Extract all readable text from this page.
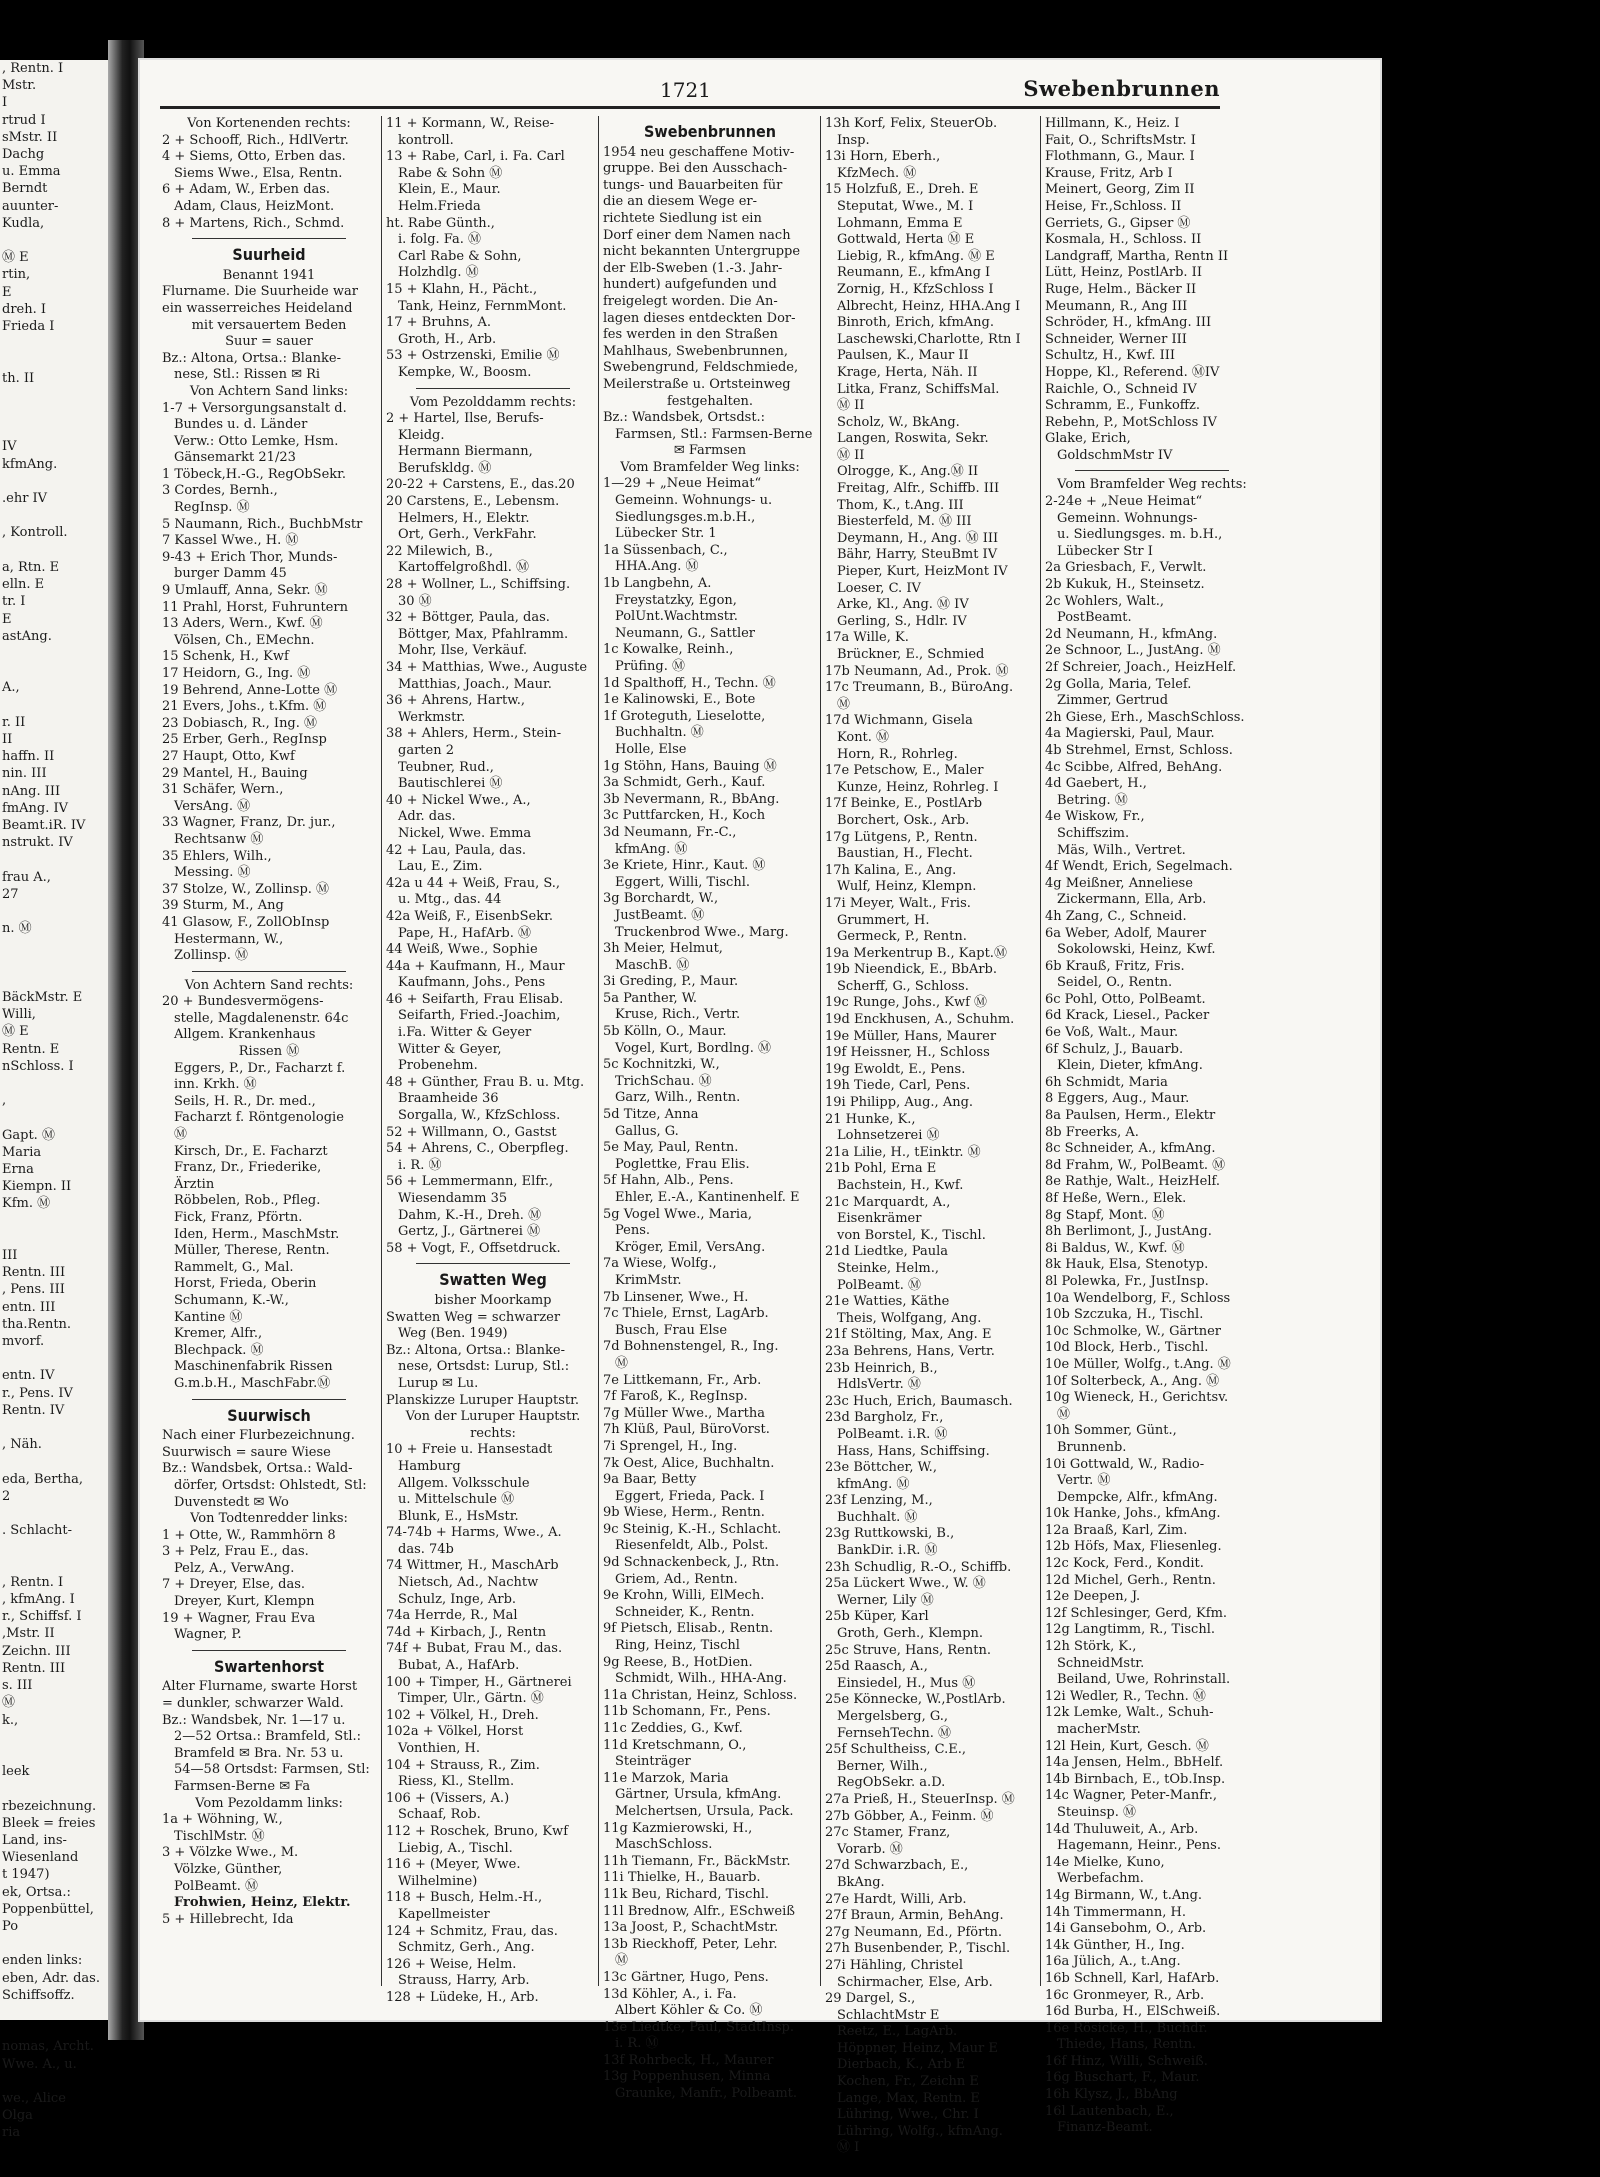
, Rentn. I
Mstr.
I
rtrud I
sMstr. II
Dachg
u. Emma
Berndt
auunter-
Kudla,

Ⓜ E
rtin,
E
dreh. I
Frieda I

th. II

IV
kfmAng.

.ehr IV

, Kontroll.

a, Rtn. E
elln. E
tr. I
E
astAng.

A.,

r. II
II
haffn. II
nin. III
nAng. III
fmAng. IV
Beamt.iR. IV
nstrukt. IV

frau A.,
27

n. Ⓜ

BäckMstr. E
Willi,
Ⓜ E
Rentn. E
nSchloss. I

,

Gapt. Ⓜ
Maria
Erna
Kiempn. II
Kfm. Ⓜ

III
Rentn. III
, Pens. III
entn. III
tha.Rentn.
mvorf.

entn. IV
r., Pens. IV
Rentn. IV

, Näh.

eda, Bertha,
2

. Schlacht-

, Rentn. I
, kfmAng. I
r., Schiffsf. I
,Mstr. II
Zeichn. III
Rentn. III
s. III
Ⓜ
k.,

leek

rbezeichnung.
Bleek = freies
Land, ins-
Wiesenland
t 1947)
ek, Ortsa.:
Poppenbüttel,
Po

enden links:
eben, Adr. das.
Schiffsoffz.

nomas, Archt.
Wwe. A., u.

we., Alice
Olga
ria
1721	Swebenbrunnen
Von Kortenenden rechts:
2 + Schooff, Rich., HdlVertr.
4 + Siems, Otto, Erben das.
Siems Wwe., Elsa, Rentn.
6 + Adam, W., Erben das.
Adam, Claus, HeizMont.
8 + Martens, Rich., Schmd.
Suurheid
Benannt 1941
Flurname. Die Suurheide war
ein wasserreiches Heideland
mit versauertem Beden
Suur = sauer
Bz.: Altona, Ortsa.: Blanke-
nese, Stl.: Rissen ✉ Ri
Von Achtern Sand links:
1-7 + Versorgungsanstalt d.
Bundes u. d. Länder
Verw.: Otto Lemke, Hsm.
Gänsemarkt 21/23
1 Töbeck,H.-G., RegObSekr.
3 Cordes, Bernh.,
RegInsp. Ⓜ
5 Naumann, Rich., BuchbMstr
7 Kassel Wwe., H. Ⓜ
9-43 + Erich Thor, Munds-
burger Damm 45
9 Umlauff, Anna, Sekr. Ⓜ
11 Prahl, Horst, Fuhruntern
13 Aders, Wern., Kwf. Ⓜ
Völsen, Ch., EMechn.
15 Schenk, H., Kwf
17 Heidorn, G., Ing. Ⓜ
19 Behrend, Anne-Lotte Ⓜ
21 Evers, Johs., t.Kfm. Ⓜ
23 Dobiasch, R., Ing. Ⓜ
25 Erber, Gerh., RegInsp
27 Haupt, Otto, Kwf
29 Mantel, H., Bauing
31 Schäfer, Wern.,
VersAng. Ⓜ
33 Wagner, Franz, Dr. jur.,
Rechtsanw Ⓜ
35 Ehlers, Wilh.,
Messing. Ⓜ
37 Stolze, W., Zollinsp. Ⓜ
39 Sturm, M., Ang
41 Glasow, F., ZollObInsp
Hestermann, W.,
Zollinsp. Ⓜ
Von Achtern Sand rechts:
20 + Bundesvermögens-
stelle, Magdalenenstr. 64c
Allgem. Krankenhaus
Rissen Ⓜ
Eggers, P., Dr., Facharzt f.
inn. Krkh. Ⓜ
Seils, H. R., Dr. med.,
Facharzt f. Röntgenologie
Ⓜ
Kirsch, Dr., E. Facharzt
Franz, Dr., Friederike,
Ärztin
Röbbelen, Rob., Pfleg.
Fick, Franz, Pförtn.
Iden, Herm., MaschMstr.
Müller, Therese, Rentn.
Rammelt, G., Mal.
Horst, Frieda, Oberin
Schumann, K.-W.,
Kantine Ⓜ
Kremer, Alfr.,
Blechpack. Ⓜ
Maschinenfabrik Rissen
G.m.b.H., MaschFabr.Ⓜ
Suurwisch
Nach einer Flurbezeichnung.
Suurwisch = saure Wiese
Bz.: Wandsbek, Ortsa.: Wald-
dörfer, Ortsdst: Ohlstedt, Stl:
Duvenstedt ✉ Wo
Von Todtenredder links:
1 + Otte, W., Rammhörn 8
3 + Pelz, Frau E., das.
Pelz, A., VerwAng.
7 + Dreyer, Else, das.
Dreyer, Kurt, Klempn
19 + Wagner, Frau Eva
Wagner, P.
Swartenhorst
Alter Flurname, swarte Horst
= dunkler, schwarzer Wald.
Bz.: Wandsbek, Nr. 1—17 u.
2—52 Ortsa.: Bramfeld, Stl.:
Bramfeld ✉ Bra. Nr. 53 u.
54—58 Ortsdst: Farmsen, Stl:
Farmsen-Berne ✉ Fa
Vom Pezoldamm links:
1a + Wöhning, W.,
TischlMstr. Ⓜ
3 + Völzke Wwe., M.
Völzke, Günther,
PolBeamt. Ⓜ
Frohwien, Heinz, Elektr.
5 + Hillebrecht, Ida
11 + Kormann, W., Reise-
kontroll.
13 + Rabe, Carl, i. Fa. Carl
Rabe & Sohn Ⓜ
Klein, E., Maur.
Helm.Frieda
ht. Rabe Günth.,
i. folg. Fa. Ⓜ
Carl Rabe & Sohn,
Holzhdlg. Ⓜ
15 + Klahn, H., Pächt.,
Tank, Heinz, FernmMont.
17 + Bruhns, A.
Groth, H., Arb.
53 + Ostrzenski, Emilie Ⓜ
Kempke, W., Boosm.
Vom Pezolddamm rechts:
2 + Hartel, Ilse, Berufs-
Kleidg.
Hermann Biermann,
Berufskldg. Ⓜ
20-22 + Carstens, E., das.20
20 Carstens, E., Lebensm.
Helmers, H., Elektr.
Ort, Gerh., VerkFahr.
22 Milewich, B.,
Kartoffelgroßhdl. Ⓜ
28 + Wollner, L., Schiffsing.
30 Ⓜ
32 + Böttger, Paula, das.
Böttger, Max, Pfahlramm.
Mohr, Ilse, Verkäuf.
34 + Matthias, Wwe., Auguste
Matthias, Joach., Maur.
36 + Ahrens, Hartw.,
Werkmstr.
38 + Ahlers, Herm., Stein-
garten 2
Teubner, Rud.,
Bautischlerei Ⓜ
40 + Nickel Wwe., A.,
Adr. das.
Nickel, Wwe. Emma
42 + Lau, Paula, das.
Lau, E., Zim.
42a u 44 + Weiß, Frau, S.,
u. Mtg., das. 44
42a Weiß, F., EisenbSekr.
Pape, H., HafArb. Ⓜ
44 Weiß, Wwe., Sophie
44a + Kaufmann, H., Maur
Kaufmann, Johs., Pens
46 + Seifarth, Frau Elisab.
Seifarth, Fried.-Joachim,
i.Fa. Witter & Geyer
Witter & Geyer,
Probenehm.
48 + Günther, Frau B. u. Mtg.
Braamheide 36
Sorgalla, W., KfzSchloss.
52 + Willmann, O., Gastst
54 + Ahrens, C., Oberpfleg.
i. R. Ⓜ
56 + Lemmermann, Elfr.,
Wiesendamm 35
Dahm, K.-H., Dreh. Ⓜ
Gertz, J., Gärtnerei Ⓜ
58 + Vogt, F., Offsetdruck.
Swatten Weg
bisher Moorkamp
Swatten Weg = schwarzer
Weg (Ben. 1949)
Bz.: Altona, Ortsa.: Blanke-
nese, Ortsdst: Lurup, Stl.:
Lurup ✉ Lu.
Planskizze Luruper Hauptstr.
Von der Luruper Hauptstr.
rechts:
10 + Freie u. Hansestadt
Hamburg
Allgem. Volksschule
u. Mittelschule Ⓜ
Blunk, E., HsMstr.
74-74b + Harms, Wwe., A.
das. 74b
74 Wittmer, H., MaschArb
Nietsch, Ad., Nachtw
Schulz, Inge, Arb.
74a Herrde, R., Mal
74d + Kirbach, J., Rentn
74f + Bubat, Frau M., das.
Bubat, A., HafArb.
100 + Timper, H., Gärtnerei
Timper, Ulr., Gärtn. Ⓜ
102 + Völkel, H., Dreh.
102a + Völkel, Horst
Vonthien, H.
104 + Strauss, R., Zim.
Riess, Kl., Stellm.
106 + (Vissers, A.)
Schaaf, Rob.
112 + Roschek, Bruno, Kwf
Liebig, A., Tischl.
116 + (Meyer, Wwe.
Wilhelmine)
118 + Busch, Helm.-H.,
Kapellmeister
124 + Schmitz, Frau, das.
Schmitz, Gerh., Ang.
126 + Weise, Helm.
Strauss, Harry, Arb.
128 + Lüdeke, H., Arb.
Swebenbrunnen
1954 neu geschaffene Motiv-
gruppe. Bei den Ausschach-
tungs- und Bauarbeiten für
die an diesem Wege er-
richtete Siedlung ist ein
Dorf einer dem Namen nach
nicht bekannten Untergruppe
der Elb-Sweben (1.-3. Jahr-
hundert) aufgefunden und
freigelegt worden. Die An-
lagen dieses entdeckten Dor-
fes werden in den Straßen
Mahlhaus, Swebenbrunnen,
Swebengrund, Feldschmiede,
Meilerstraße u. Ortsteinweg
festgehalten.
Bz.: Wandsbek, Ortsdst.:
Farmsen, Stl.: Farmsen-Berne
✉ Farmsen
Vom Bramfelder Weg links:
1—29 + „Neue Heimat“
Gemeinn. Wohnungs- u.
Siedlungsges.m.b.H.,
Lübecker Str. 1
1a Süssenbach, C.,
HHA.Ang. Ⓜ
1b Langbehn, A.
Freystatzky, Egon,
PolUnt.Wachtmstr.
Neumann, G., Sattler
1c Kowalke, Reinh.,
Prüfing. Ⓜ
1d Spalthoff, H., Techn. Ⓜ
1e Kalinowski, E., Bote
1f Groteguth, Lieselotte,
Buchhaltn. Ⓜ
Holle, Else
1g Stöhn, Hans, Bauing Ⓜ
3a Schmidt, Gerh., Kauf.
3b Nevermann, R., BbAng.
3c Puttfarcken, H., Koch
3d Neumann, Fr.-C.,
kfmAng. Ⓜ
3e Kriete, Hinr., Kaut. Ⓜ
Eggert, Willi, Tischl.
3g Borchardt, W.,
JustBeamt. Ⓜ
Truckenbrod Wwe., Marg.
3h Meier, Helmut,
MaschB. Ⓜ
3i Greding, P., Maur.
5a Panther, W.
Kruse, Rich., Vertr.
5b Kölln, O., Maur.
Vogel, Kurt, Bordlng. Ⓜ
5c Kochnitzki, W.,
TrichSchau. Ⓜ
Garz, Wilh., Rentn.
5d Titze, Anna
Gallus, G.
5e May, Paul, Rentn.
Poglettke, Frau Elis.
5f Hahn, Alb., Pens.
Ehler, E.-A., Kantinenhelf. E
5g Vogel Wwe., Maria,
Pens.
Kröger, Emil, VersAng.
7a Wiese, Wolfg.,
KrimMstr.
7b Linsener, Wwe., H.
7c Thiele, Ernst, LagArb.
Busch, Frau Else
7d Bohnenstengel, R., Ing.
Ⓜ
7e Littkemann, Fr., Arb.
7f Faroß, K., RegInsp.
7g Müller Wwe., Martha
7h Klüß, Paul, BüroVorst.
7i Sprengel, H., Ing.
7k Oest, Alice, Buchhaltn.
9a Baar, Betty
Eggert, Frieda, Pack. I
9b Wiese, Herm., Rentn.
9c Steinig, K.-H., Schlacht.
Riesenfeldt, Alb., Polst.
9d Schnackenbeck, J., Rtn.
Griem, Ad., Rentn.
9e Krohn, Willi, ElMech.
Schneider, K., Rentn.
9f Pietsch, Elisab., Rentn.
Ring, Heinz, Tischl
9g Reese, B., HotDien.
Schmidt, Wilh., HHA-Ang.
11a Christan, Heinz, Schloss.
11b Schomann, Fr., Pens.
11c Zeddies, G., Kwf.
11d Kretschmann, O.,
Steinträger
11e Marzok, Maria
Gärtner, Ursula, kfmAng.
Melchertsen, Ursula, Pack.
11g Kazmierowski, H.,
MaschSchloss.
11h Tiemann, Fr., BäckMstr.
11i Thielke, H., Bauarb.
11k Beu, Richard, Tischl.
11l Brednow, Alfr., ESchweiß
13a Joost, P., SchachtMstr.
13b Rieckhoff, Peter, Lehr.
Ⓜ
13c Gärtner, Hugo, Pens.
13d Köhler, A., i. Fa.
Albert Köhler & Co. Ⓜ
13e Liedtke, Paul, StadtInsp.
i. R. Ⓜ
13f Rohrbeck, H., Maurer
13g Poppenhusen, Minna
Graunke, Manfr., Polbeamt.
13h Korf, Felix, SteuerOb.
Insp.
13i Horn, Eberh.,
KfzMech. Ⓜ
15 Holzfuß, E., Dreh. E
Steputat, Wwe., M. I
Lohmann, Emma E
Gottwald, Herta Ⓜ E
Liebig, R., kfmAng. Ⓜ E
Reumann, E., kfmAng I
Zornig, H., KfzSchloss I
Albrecht, Heinz, HHA.Ang I
Binroth, Erich, kfmAng.
Laschewski,Charlotte, Rtn I
Paulsen, K., Maur II
Krage, Herta, Näh. II
Litka, Franz, SchiffsMal.
Ⓜ II
Scholz, W., BkAng.
Langen, Roswita, Sekr.
Ⓜ II
Olrogge, K., Ang.Ⓜ II
Freitag, Alfr., Schiffb. III
Thom, K., t.Ang. III
Biesterfeld, M. Ⓜ III
Deymann, H., Ang. Ⓜ III
Bähr, Harry, SteuBmt IV
Pieper, Kurt, HeizMont IV
Loeser, C. IV
Arke, Kl., Ang. Ⓜ IV
Gerling, S., Hdlr. IV
17a Wille, K.
Brückner, E., Schmied
17b Neumann, Ad., Prok. Ⓜ
17c Treumann, B., BüroAng.
Ⓜ
17d Wichmann, Gisela
Kont. Ⓜ
Horn, R., Rohrleg.
17e Petschow, E., Maler
Kunze, Heinz, Rohrleg. I
17f Beinke, E., PostlArb
Borchert, Osk., Arb.
17g Lütgens, P., Rentn.
Baustian, H., Flecht.
17h Kalina, E., Ang.
Wulf, Heinz, Klempn.
17i Meyer, Walt., Fris.
Grummert, H.
Germeck, P., Rentn.
19a Merkentrup B., Kapt.Ⓜ
19b Nieendick, E., BbArb.
Scherff, G., Schloss.
19c Runge, Johs., Kwf Ⓜ
19d Enckhusen, A., Schuhm.
19e Müller, Hans, Maurer
19f Heissner, H., Schloss
19g Ewoldt, E., Pens.
19h Tiede, Carl, Pens.
19i Philipp, Aug., Ang.
21 Hunke, K.,
Lohnsetzerei Ⓜ
21a Lilie, H., tEinktr. Ⓜ
21b Pohl, Erna E
Bachstein, H., Kwf.
21c Marquardt, A.,
Eisenkrämer
von Borstel, K., Tischl.
21d Liedtke, Paula
Steinke, Helm.,
PolBeamt. Ⓜ
21e Watties, Käthe
Theis, Wolfgang, Ang.
21f Stölting, Max, Ang. E
23a Behrens, Hans, Vertr.
23b Heinrich, B.,
HdlsVertr. Ⓜ
23c Huch, Erich, Baumasch.
23d Bargholz, Fr.,
PolBeamt. i.R. Ⓜ
Hass, Hans, Schiffsing.
23e Böttcher, W.,
kfmAng. Ⓜ
23f Lenzing, M.,
Buchhalt. Ⓜ
23g Ruttkowski, B.,
BankDir. i.R. Ⓜ
23h Schudlig, R.-O., Schiffb.
25a Lückert Wwe., W. Ⓜ
Werner, Lily Ⓜ
25b Küper, Karl
Groth, Gerh., Klempn.
25c Struve, Hans, Rentn.
25d Raasch, A.,
Einsiedel, H., Mus Ⓜ
25e Könnecke, W.,PostlArb.
Mergelsberg, G.,
FernsehTechn. Ⓜ
25f Schultheiss, C.E.,
Berner, Wilh.,
RegObSekr. a.D.
27a Prieß, H., SteuerInsp. Ⓜ
27b Göbber, A., Feinm. Ⓜ
27c Stamer, Franz,
Vorarb. Ⓜ
27d Schwarzbach, E.,
BkAng.
27e Hardt, Willi, Arb.
27f Braun, Armin, BehAng.
27g Neumann, Ed., Pförtn.
27h Busenbender, P., Tischl.
27i Hähling, Christel
Schirmacher, Else, Arb.
29 Dargel, S.,
SchlachtMstr E
Reetz, E., LagArb.
Höppner, Heinz, Maur E
Dierbach, K., Arb E
Kochen, Fr., Zeichn E
Lange, Max, Rentn. E
Lühring, Wwe., Chr. I
Lühring, Wolfg., kfmAng.
Ⓜ I
Hillmann, K., Heiz. I
Fait, O., SchriftsMstr. I
Flothmann, G., Maur. I
Krause, Fritz, Arb I
Meinert, Georg, Zim II
Heise, Fr.,Schloss. II
Gerriets, G., Gipser Ⓜ
Kosmala, H., Schloss. II
Landgraff, Martha, Rentn II
Lütt, Heinz, PostlArb. II
Ruge, Helm., Bäcker II
Meumann, R., Ang III
Schröder, H., kfmAng. III
Schneider, Werner III
Schultz, H., Kwf. III
Hoppe, Kl., Referend. ⓂIV
Raichle, O., Schneid IV
Schramm, E., Funkoffz.
Rebehn, P., MotSchloss IV
Glake, Erich,
GoldschmMstr IV
Vom Bramfelder Weg rechts:
2-24e + „Neue Heimat“
Gemeinn. Wohnungs-
u. Siedlungsges. m. b.H.,
Lübecker Str I
2a Griesbach, F., Verwlt.
2b Kukuk, H., Steinsetz.
2c Wohlers, Walt.,
PostBeamt.
2d Neumann, H., kfmAng.
2e Schnoor, L., JustAng. Ⓜ
2f Schreier, Joach., HeizHelf.
2g Golla, Maria, Telef.
Zimmer, Gertrud
2h Giese, Erh., MaschSchloss.
4a Magierski, Paul, Maur.
4b Strehmel, Ernst, Schloss.
4c Scibbe, Alfred, BehAng.
4d Gaebert, H.,
Betring. Ⓜ
4e Wiskow, Fr.,
Schiffszim.
Mäs, Wilh., Vertret.
4f Wendt, Erich, Segelmach.
4g Meißner, Anneliese
Zickermann, Ella, Arb.
4h Zang, C., Schneid.
6a Weber, Adolf, Maurer
Sokolowski, Heinz, Kwf.
6b Krauß, Fritz, Fris.
Seidel, O., Rentn.
6c Pohl, Otto, PolBeamt.
6d Krack, Liesel., Packer
6e Voß, Walt., Maur.
6f Schulz, J., Bauarb.
Klein, Dieter, kfmAng.
6h Schmidt, Maria
8 Eggers, Aug., Maur.
8a Paulsen, Herm., Elektr
8b Freerks, A.
8c Schneider, A., kfmAng.
8d Frahm, W., PolBeamt. Ⓜ
8e Rathje, Walt., HeizHelf.
8f Heße, Wern., Elek.
8g Stapf, Mont. Ⓜ
8h Berlimont, J., JustAng.
8i Baldus, W., Kwf. Ⓜ
8k Hauk, Elsa, Stenotyp.
8l Polewka, Fr., JustInsp.
10a Wendelborg, F., Schloss
10b Szczuka, H., Tischl.
10c Schmolke, W., Gärtner
10d Block, Herb., Tischl.
10e Müller, Wolfg., t.Ang. Ⓜ
10f Solterbeck, A., Ang. Ⓜ
10g Wieneck, H., Gerichtsv.
Ⓜ
10h Sommer, Günt.,
Brunnenb.
10i Gottwald, W., Radio-
Vertr. Ⓜ
Dempcke, Alfr., kfmAng.
10k Hanke, Johs., kfmAng.
12a Braaß, Karl, Zim.
12b Höfs, Max, Fliesenleg.
12c Kock, Ferd., Kondit.
12d Michel, Gerh., Rentn.
12e Deepen, J.
12f Schlesinger, Gerd, Kfm.
12g Langtimm, R., Tischl.
12h Störk, K.,
SchneidMstr.
Beiland, Uwe, Rohrinstall.
12i Wedler, R., Techn. Ⓜ
12k Lemke, Walt., Schuh-
macherMstr.
12l Hein, Kurt, Gesch. Ⓜ
14a Jensen, Helm., BbHelf.
14b Birnbach, E., tOb.Insp.
14c Wagner, Peter-Manfr.,
Steuinsp. Ⓜ
14d Thuluweit, A., Arb.
Hagemann, Heinr., Pens.
14e Mielke, Kuno,
Werbefachm.
14g Birmann, W., t.Ang.
14h Timmermann, H.
14i Gansebohm, O., Arb.
14k Günther, H., Ing.
16a Jülich, A., t.Ang.
16b Schnell, Karl, HafArb.
16c Gronmeyer, R., Arb.
16d Burba, H., ElSchweiß.
16e Rösicke, H., Buchdr.
Thiede, Hans, Rentn.
16f Hinz, Willi, Schweiß.
16g Buschart, F., Maur.
16h Klysz, J., BbAng
16l Lautenbach, E.,
Finanz-Beamt.
